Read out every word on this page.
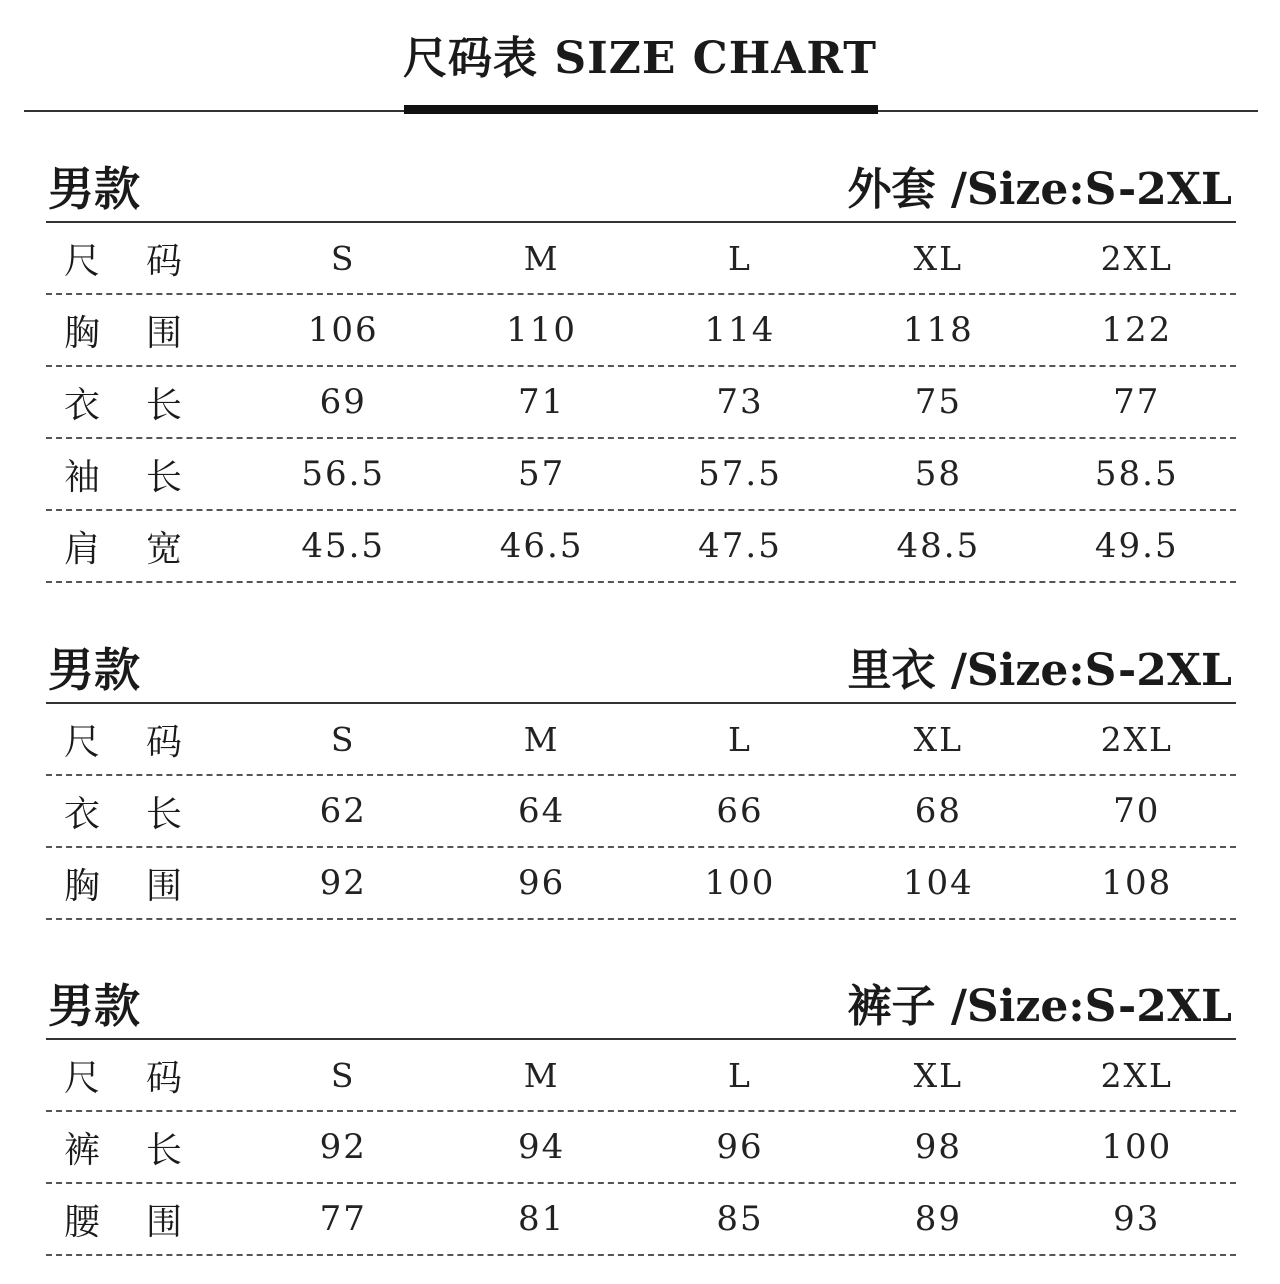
尺码表 SIZE CHART
男款	外套 /Size:S-2XL
尺	码	S	M	L	XL	2XL
胸	围	106	110	114	118	122
衣	长	69	71	73	75	77
袖	长	56.5	57	57.5	58	58.5
肩	宽	45.5	46.5	47.5	48.5	49.5
男款	里衣 /Size:S-2XL
尺	码	S	M	L	XL	2XL
衣	长	62	64	66	68	70
胸	围	92	96	100	104	108
男款	裤子 /Size:S-2XL
尺	码	S	M	L	XL	2XL
裤	长	92	94	96	98	100
腰	围	77	81	85	89	93
